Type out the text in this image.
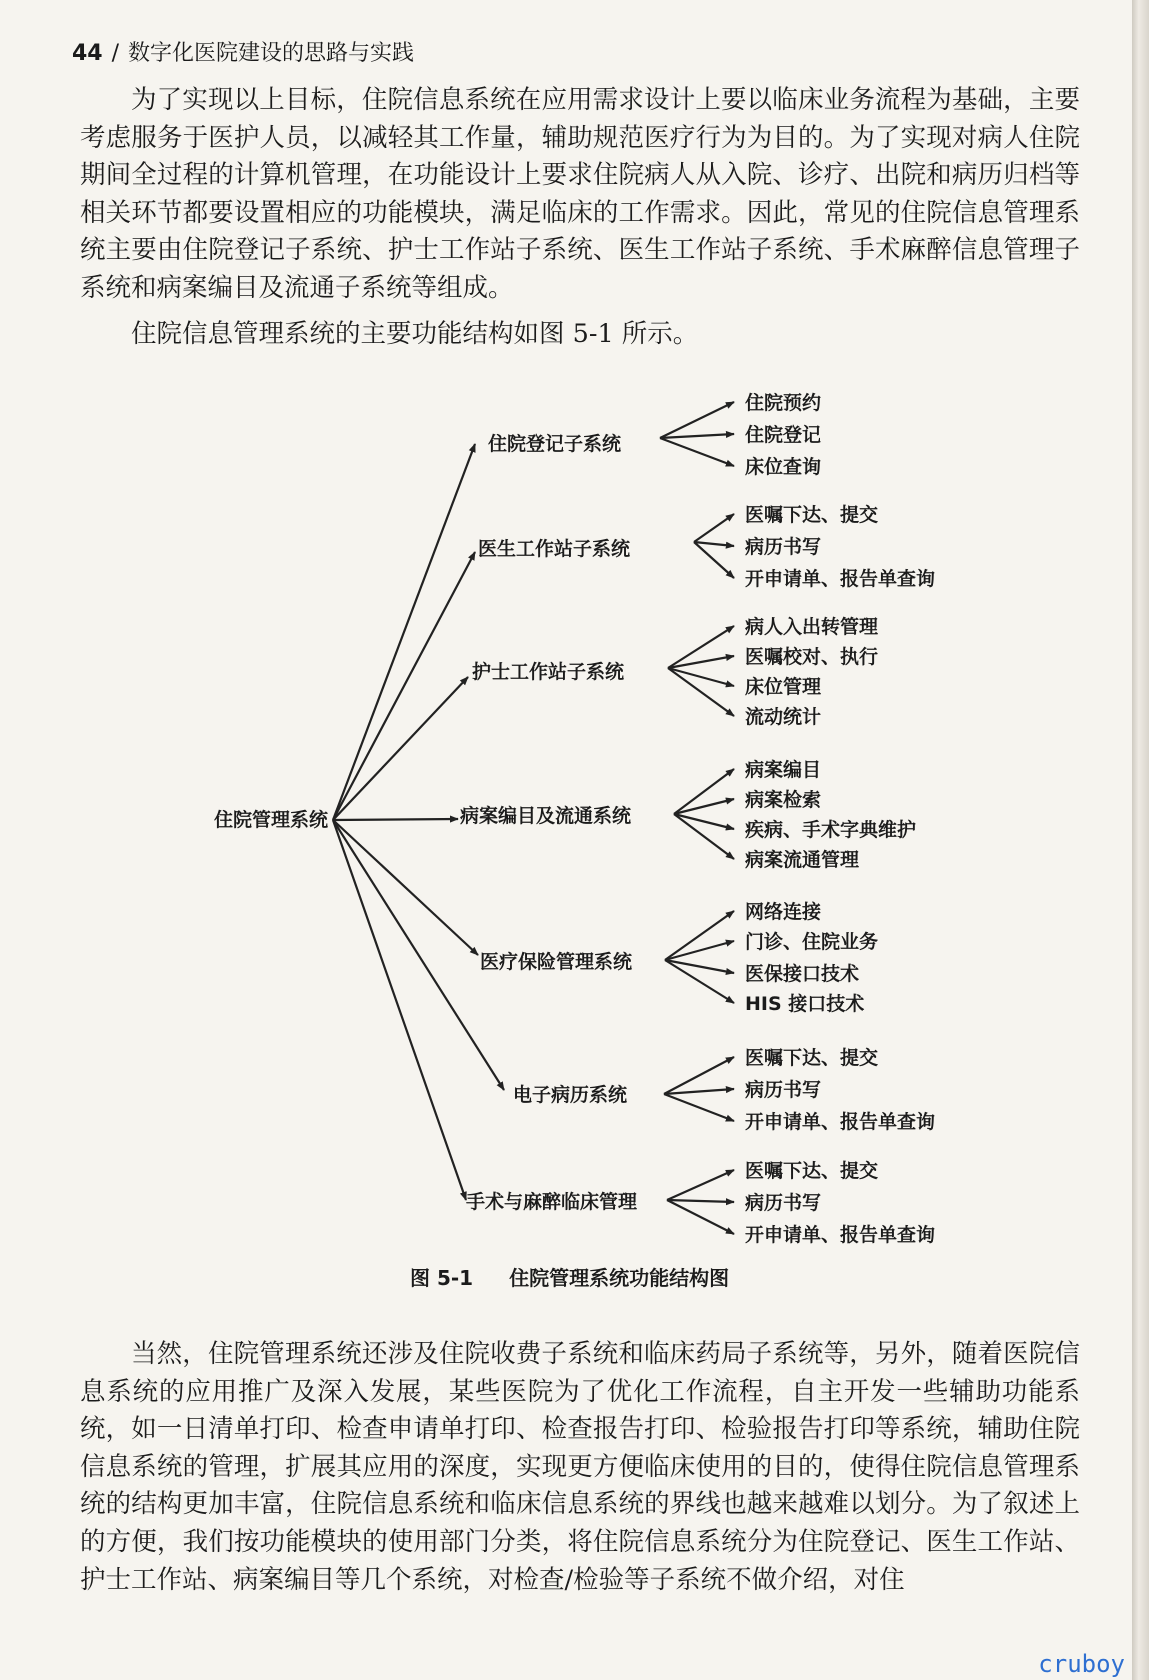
44 / 数字化医院建设的思路与实践

为了实现以上目标，住院信息系统在应用需求设计上要以临床业务流程为基础，主要考虑服务于医护人员，以减轻其工作量，辅助规范医疗行为为目的。为了实现对病人住院期间全过程的计算机管理，在功能设计上要求住院病人从入院、诊疗、出院和病历归档等相关环节都要设置相应的功能模块，满足临床的工作需求。因此，常见的住院信息管理系统主要由住院登记子系统、护士工作站子系统、医生工作站子系统、手术麻醉信息管理子系统和病案编目及流通子系统等组成。

住院信息管理系统的主要功能结构如图 5-1 所示。

住院管理系统
住院登记子系统
住院预约
住院登记
床位查询
医生工作站子系统
医嘱下达、提交
病历书写
开申请单、报告单查询
护士工作站子系统
病人入出转管理
医嘱校对、执行
床位管理
流动统计
病案编目及流通系统
病案编目
病案检索
疾病、手术字典维护
病案流通管理
医疗保险管理系统
网络连接
门诊、住院业务
医保接口技术
HIS 接口技术
电子病历系统
医嘱下达、提交
病历书写
开申请单、报告单查询
手术与麻醉临床管理
医嘱下达、提交
病历书写
开申请单、报告单查询
图 5-1 住院管理系统功能结构图

当然，住院管理系统还涉及住院收费子系统和临床药局子系统等，另外，随着医院信息系统的应用推广及深入发展，某些医院为了优化工作流程，自主开发一些辅助功能系统，如一日清单打印、检查申请单打印、检查报告打印、检验报告打印等系统，辅助住院信息系统的管理，扩展其应用的深度，实现更方便临床使用的目的，使得住院信息管理系统的结构更加丰富，住院信息系统和临床信息系统的界线也越来越难以划分。为了叙述上的方便，我们按功能模块的使用部门分类，将住院信息系统分为住院登记、医生工作站、护士工作站、病案编目等几个系统，对检查/检验等子系统不做介绍，对住

cruboy
